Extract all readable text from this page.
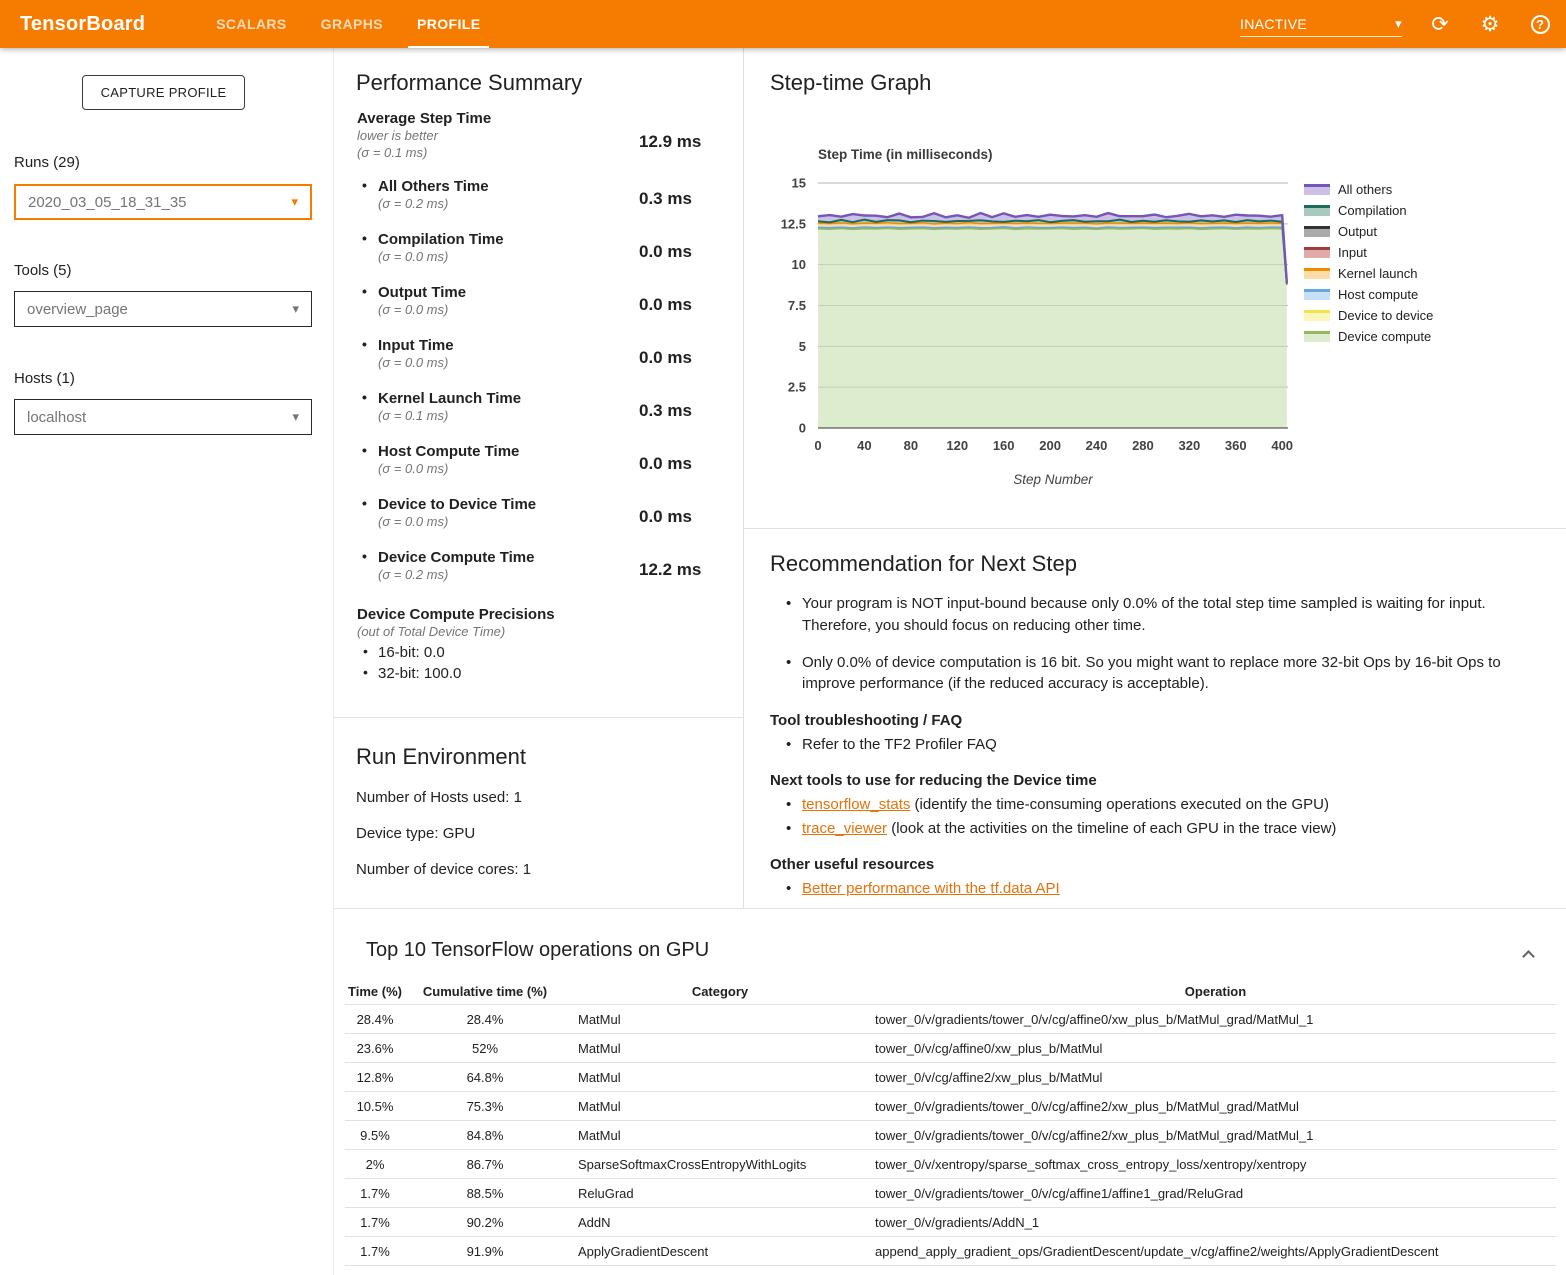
TensorBoard	SCALARS	GRAPHS	PROFILE	INACTIVE	▾ ⟳ ⚙	?
CAPTURE PROFILE
Runs (29)
2020_03_05_18_31_35	▾
Tools (5)
overview_page	▾
Hosts (1)
localhost	▾
Performance Summary
Average Step Time
lower is better
(σ = 0.1 ms)
12.9 ms
• All Others Time
(σ = 0.2 ms)	0.3 ms
• Compilation Time
(σ = 0.0 ms)	0.0 ms
• Output Time
(σ = 0.0 ms)	0.0 ms
• Input Time
(σ = 0.0 ms)	0.0 ms
• Kernel Launch Time
(σ = 0.1 ms)	0.3 ms
• Host Compute Time
(σ = 0.0 ms)	0.0 ms
• Device to Device Time
(σ = 0.0 ms)	0.0 ms
• Device Compute Time
(σ = 0.2 ms)	12.2 ms
Device Compute Precisions
(out of Total Device Time)
• 16-bit: 0.0
• 32-bit: 100.0
Run Environment
Number of Hosts used: 1
Device type: GPU
Number of device cores: 1
Step-time Graph
0
2.5
5
7.5
10
12.5
15
0	40 80 120 160 200 240 280 320 360 400
Step Time (in milliseconds)
Step Number
All others
Compilation
Output
Input
Kernel launch
Host compute
Device to device
Device compute
Recommendation for Next Step
• Your program is NOT input-bound because only 0.0% of the total step time sampled is waiting for input. Therefore, you should focus on reducing other time.
• Only 0.0% of device computation is 16 bit. So you might want to replace more 32-bit Ops by 16-bit Ops to improve performance (if the reduced accuracy is acceptable).
Tool troubleshooting / FAQ
• Refer to the TF2 Profiler FAQ
Next tools to use for reducing the Device time
• tensorflow_stats (identify the time-consuming operations executed on the GPU)
• trace_viewer (look at the activities on the timeline of each GPU in the trace view)
Other useful resources
• Better performance with the tf.data API
Top 10 TensorFlow operations on GPU
Time (%)	Cumulative time (%)	Category	Operation
28.4%	28.4%	MatMul	tower_0/v/gradients/tower_0/v/cg/affine0/xw_plus_b/MatMul_grad/MatMul_1
23.6%	52%	MatMul	tower_0/v/cg/affine0/xw_plus_b/MatMul
12.8%	64.8%	MatMul	tower_0/v/cg/affine2/xw_plus_b/MatMul
10.5%	75.3%	MatMul	tower_0/v/gradients/tower_0/v/cg/affine2/xw_plus_b/MatMul_grad/MatMul
9.5%	84.8%	MatMul	tower_0/v/gradients/tower_0/v/cg/affine2/xw_plus_b/MatMul_grad/MatMul_1
2%	86.7%	SparseSoftmaxCrossEntropyWithLogits	tower_0/v/xentropy/sparse_softmax_cross_entropy_loss/xentropy/xentropy
1.7%	88.5%	ReluGrad	tower_0/v/gradients/tower_0/v/cg/affine1/affine1_grad/ReluGrad
1.7%	90.2%	AddN	tower_0/v/gradients/AddN_1
1.7%	91.9%	ApplyGradientDescent	append_apply_gradient_ops/GradientDescent/update_v/cg/affine2/weights/ApplyGradientDescent
